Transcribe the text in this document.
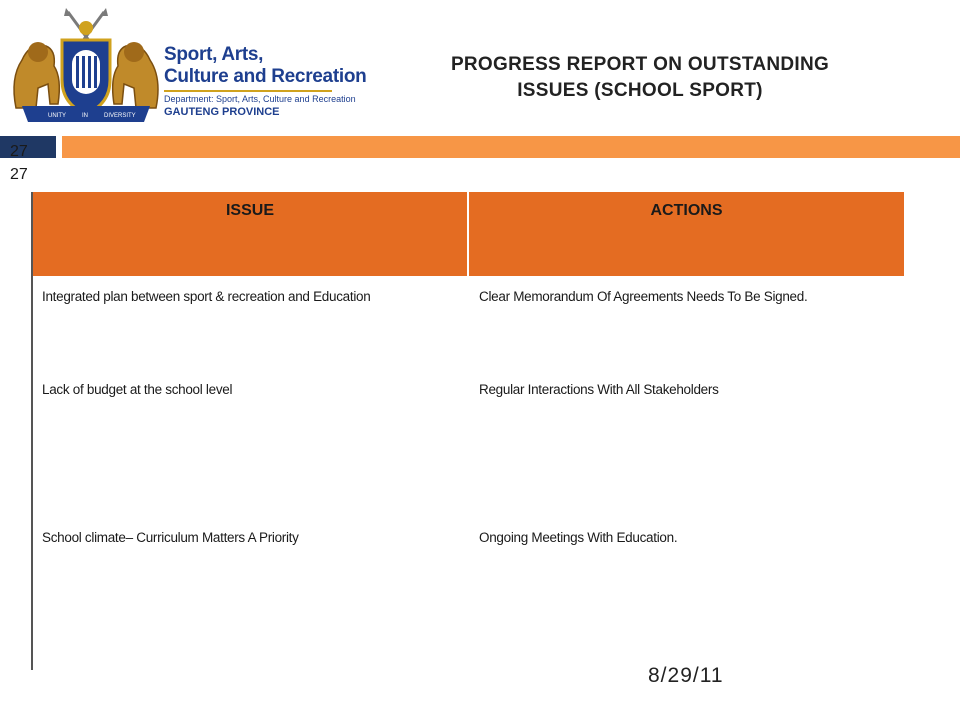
UNITY	IN	DIVERSITY
Sport, Arts,
Culture and Recreation
Department: Sport, Arts, Culture and Recreation
GAUTENG PROVINCE
PROGRESS REPORT ON OUTSTANDING
ISSUES (SCHOOL SPORT)
27
27
ISSUE	ACTIONS
Integrated plan between sport & recreation and Education	Clear Memorandum Of Agreements Needs To Be Signed.
Lack of budget at the school level	Regular Interactions With All Stakeholders
School climate– Curriculum Matters A Priority	Ongoing Meetings With Education.
8/29/11
